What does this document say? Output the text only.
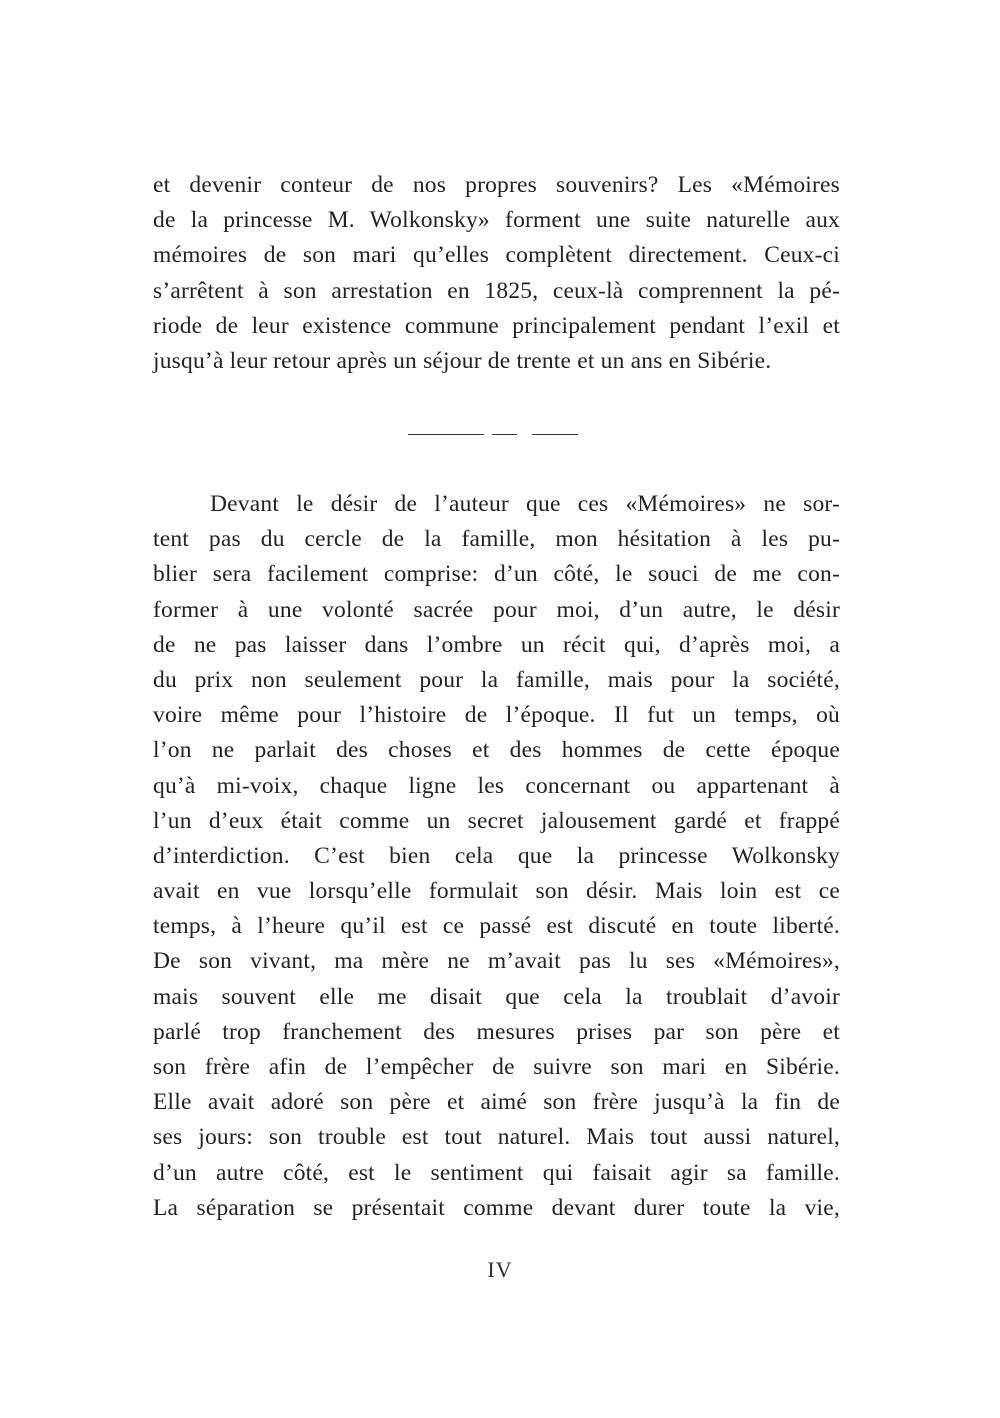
et devenir conteur de nos propres souvenirs? Les «Mémoires
de la princesse M. Wolkonsky» forment une suite naturelle aux
mémoires de son mari qu’elles complètent directement. Ceux-ci
s’arrêtent à son arrestation en 1825, ceux-là comprennent la pé-
riode de leur existence commune principalement pendant l’exil et
jusqu’à leur retour après un séjour de trente et un ans en Sibérie.
Devant le désir de l’auteur que ces «Mémoires» ne sor-
tent pas du cercle de la famille, mon hésitation à les pu-
blier sera facilement comprise: d’un côté, le souci de me con-
former à une volonté sacrée pour moi, d’un autre, le désir
de ne pas laisser dans l’ombre un récit qui, d’après moi, a
du prix non seulement pour la famille, mais pour la société,
voire même pour l’histoire de l’époque. Il fut un temps, où
l’on ne parlait des choses et des hommes de cette époque
qu’à mi-voix, chaque ligne les concernant ou appartenant à
l’un d’eux était comme un secret jalousement gardé et frappé
d’interdiction. C’est bien cela que la princesse Wolkonsky
avait en vue lorsqu’elle formulait son désir. Mais loin est ce
temps, à l’heure qu’il est ce passé est discuté en toute liberté.
De son vivant, ma mère ne m’avait pas lu ses «Mémoires»,
mais souvent elle me disait que cela la troublait d’avoir
parlé trop franchement des mesures prises par son père et
son frère afin de l’empêcher de suivre son mari en Sibérie.
Elle avait adoré son père et aimé son frère jusqu’à la fin de
ses jours: son trouble est tout naturel. Mais tout aussi naturel,
d’un autre côté, est le sentiment qui faisait agir sa famille.
La séparation se présentait comme devant durer toute la vie,
IV
